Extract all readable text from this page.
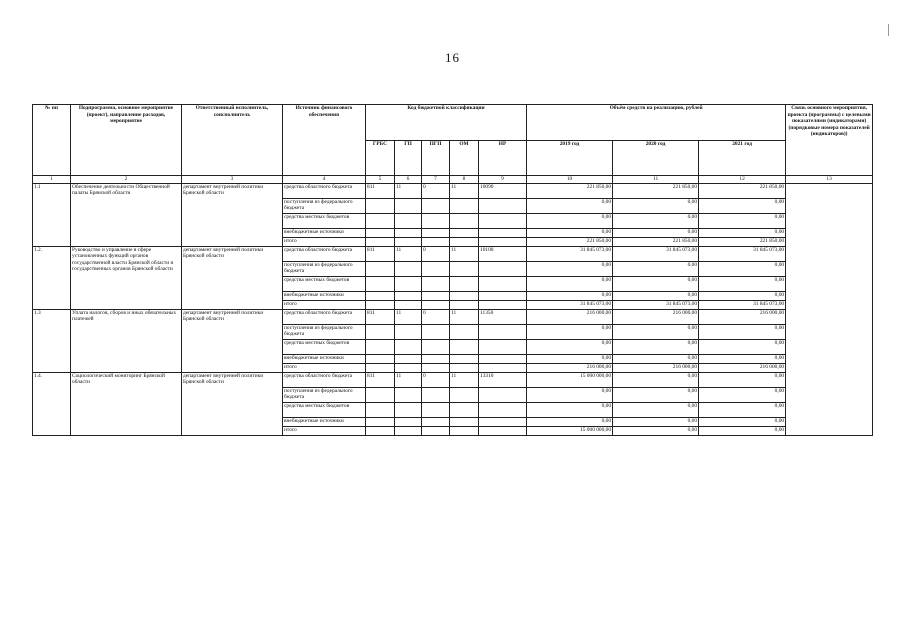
16
№ пп	Подпрограмма, основное мероприятие (проект), направление расходов, мероприятие	Ответственный исполнитель, соисполнитель	Источник финансового обеспечения	Код бюджетной классификации					Объём средств на реализацию, рублей			Связь основного мероприятия, проекта (программы) с целевыми показателями (индикаторами) (порядковые номера показателей (индикаторов))
				ГРБС	ГП	ПГП	ОМ	НР	2019 год	2020 год	2021 год	
1	2	3	4	5	6	7	8	9	10	11	12	13
1.1	Обеспечение деятельности Общественной палаты Брянской области	департамент внутренней политики Брянской области	средства областного бюджета	811	11	0	11	10090	221 850,00	221 850,00	221 850,00	
			поступления из федерального бюджета						0,00	0,00	0,00	
			средства местных бюджетов						0,00	0,00	0,00	
			внебюджетные источники						0,00	0,00	0,00	
			итого						221 850,00	221 850,00	221 850,00	
1.2.	Руководство и управление в сфере установленных функций органов государственной власти Брянской области и государственных органов Брянской области	департамент внутренней политики Брянской области	средства областного бюджета	811	11	0	11	10100	31 845 073,00	31 845 073,00	31 845 073,00	
			поступления из федерального бюджета						0,00	0,00	0,00	
			средства местных бюджетов						0,00	0,00	0,00	
			внебюджетные источники						0,00	0,00	0,00	
			итого						31 845 073,00	31 845 073,00	31 845 073,00	
1.3	Уплата налогов, сборов и иных обязательных платежей	департамент внутренней политики Брянской области	средства областного бюджета	811	11	0	11	11350	216 000,00	216 000,00	216 000,00	
			поступления из федерального бюджета						0,00	0,00	0,00	
			средства местных бюджетов						0,00	0,00	0,00	
			внебюджетные источники						0,00	0,00	0,00	
			итого						216 000,00	216 000,00	216 000,00	
1.4.	Социологический мониторинг Брянской области	департамент внутренней политики Брянской области	средства областного бюджета	811	11	0	11	13310	15 000 000,00	0,00	0,00	
			поступления из федерального бюджета						0,00	0,00	0,00	
			средства местных бюджетов						0,00	0,00	0,00	
			внебюджетные источники						0,00	0,00	0,00	
			итого						15 000 000,00	0,00	0,00	
